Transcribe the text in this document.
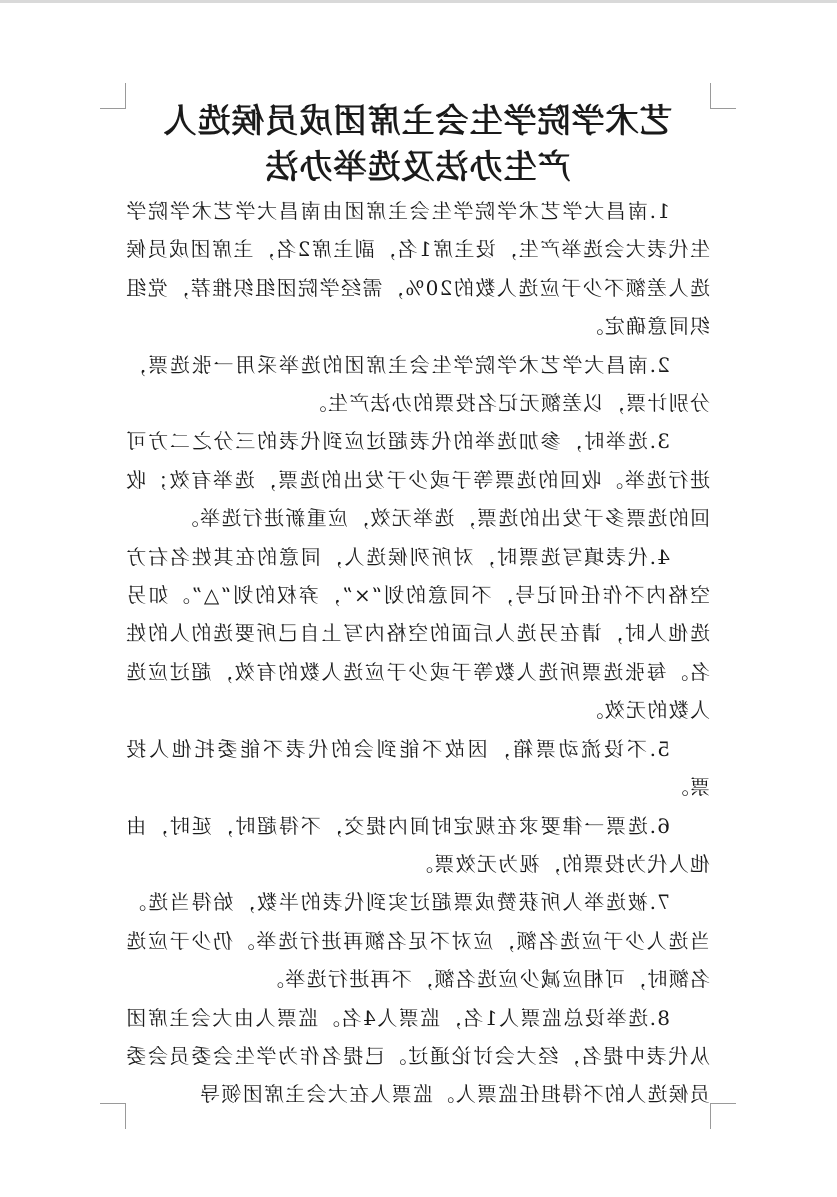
艺术学院学生会主席团成员候选人
产生办法及选举办法

1.南昌大学艺术学院学生会主席团由南昌大学艺术学院学生代表大会选举产生，设主席1名，副主席2名，主席团成员候选人差额不少于应选人数的20%，需经学院团组织推荐，党组织同意确定。

2.南昌大学艺术学院学生会主席团的选举采用一张选票，分别计票，以差额无记名投票的办法产生。

3.选举时，参加选举的代表超过应到代表的三分之二方可进行选举。收回的选票等于或少于发出的选票，选举有效；收回的选票多于发出的选票，选举无效，应重新进行选举。

4.代表填写选票时，对所列候选人，同意的在其姓名右方空格内不作任何记号，不同意的划“×”，弃权的划“△”。如另选他人时，请在另选人后面的空格内写上自己所要选的人的姓名。每张选票所选人数等于或少于应选人数的有效，超过应选人数的无效。

5.不设流动票箱，因故不能到会的代表不能委托他人投票。

6.选票一律要求在规定时间内提交，不得超时，延时，由他人代为投票的，视为无效票。

7.被选举人所获赞成票超过实到代表的半数，始得当选。当选人少于应选名额，应对不足名额再进行选举。仍少于应选名额时，可相应减少应选名额，不再进行选举。

8.选举设总监票人1名，监票人4名。监票人由大会主席团从代表中提名，经大会讨论通过。已提名作为学生会委员会委员候选人的不得担任监票人。监票人在大会主席团领导
